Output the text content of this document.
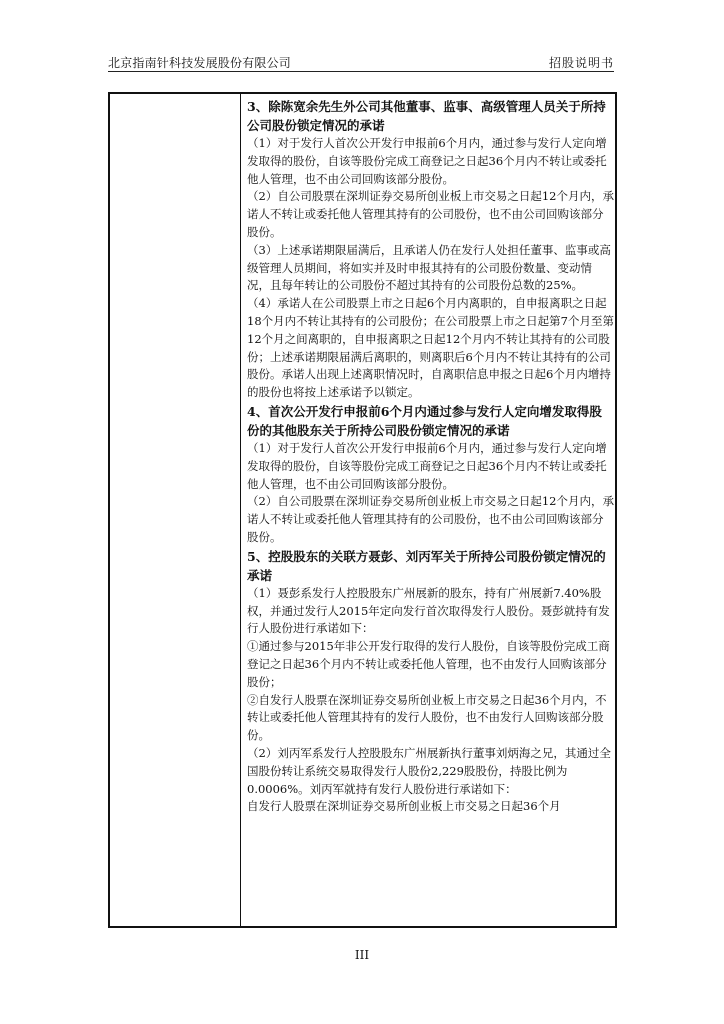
北京指南针科技发展股份有限公司	招股说明书

3、除陈宽余先生外公司其他董事、监事、高级管理人员关于所持公司股份锁定情况的承诺

（1）对于发行人首次公开发行申报前6个月内，通过参与发行人定向增发取得的股份，自该等股份完成工商登记之日起36个月内不转让或委托他人管理，也不由公司回购该部分股份。

（2）自公司股票在深圳证券交易所创业板上市交易之日起12个月内，承诺人不转让或委托他人管理其持有的公司股份，也不由公司回购该部分股份。

（3）上述承诺期限届满后，且承诺人仍在发行人处担任董事、监事或高级管理人员期间，将如实并及时申报其持有的公司股份数量、变动情况，且每年转让的公司股份不超过其持有的公司股份总数的25%。

（4）承诺人在公司股票上市之日起6个月内离职的，自申报离职之日起18个月内不转让其持有的公司股份；在公司股票上市之日起第7个月至第12个月之间离职的，自申报离职之日起12个月内不转让其持有的公司股份；上述承诺期限届满后离职的，则离职后6个月内不转让其持有的公司股份。承诺人出现上述离职情况时，自离职信息申报之日起6个月内增持的股份也将按上述承诺予以锁定。

4、首次公开发行申报前6个月内通过参与发行人定向增发取得股份的其他股东关于所持公司股份锁定情况的承诺

（1）对于发行人首次公开发行申报前6个月内，通过参与发行人定向增发取得的股份，自该等股份完成工商登记之日起36个月内不转让或委托他人管理，也不由公司回购该部分股份。

（2）自公司股票在深圳证券交易所创业板上市交易之日起12个月内，承诺人不转让或委托他人管理其持有的公司股份，也不由公司回购该部分股份。

5、控股股东的关联方聂彭、刘丙军关于所持公司股份锁定情况的承诺

（1）聂彭系发行人控股股东广州展新的股东，持有广州展新7.40%股权，并通过发行人2015年定向发行首次取得发行人股份。聂彭就持有发行人股份进行承诺如下：

①通过参与2015年非公开发行取得的发行人股份，自该等股份完成工商登记之日起36个月内不转让或委托他人管理，也不由发行人回购该部分股份；

②自发行人股票在深圳证券交易所创业板上市交易之日起36个月内，不转让或委托他人管理其持有的发行人股份，也不由发行人回购该部分股份。

（2）刘丙军系发行人控股股东广州展新执行董事刘炳海之兄，其通过全国股份转让系统交易取得发行人股份2,229股股份，持股比例为0.0006%。刘丙军就持有发行人股份进行承诺如下：

自发行人股票在深圳证券交易所创业板上市交易之日起36个月

III
